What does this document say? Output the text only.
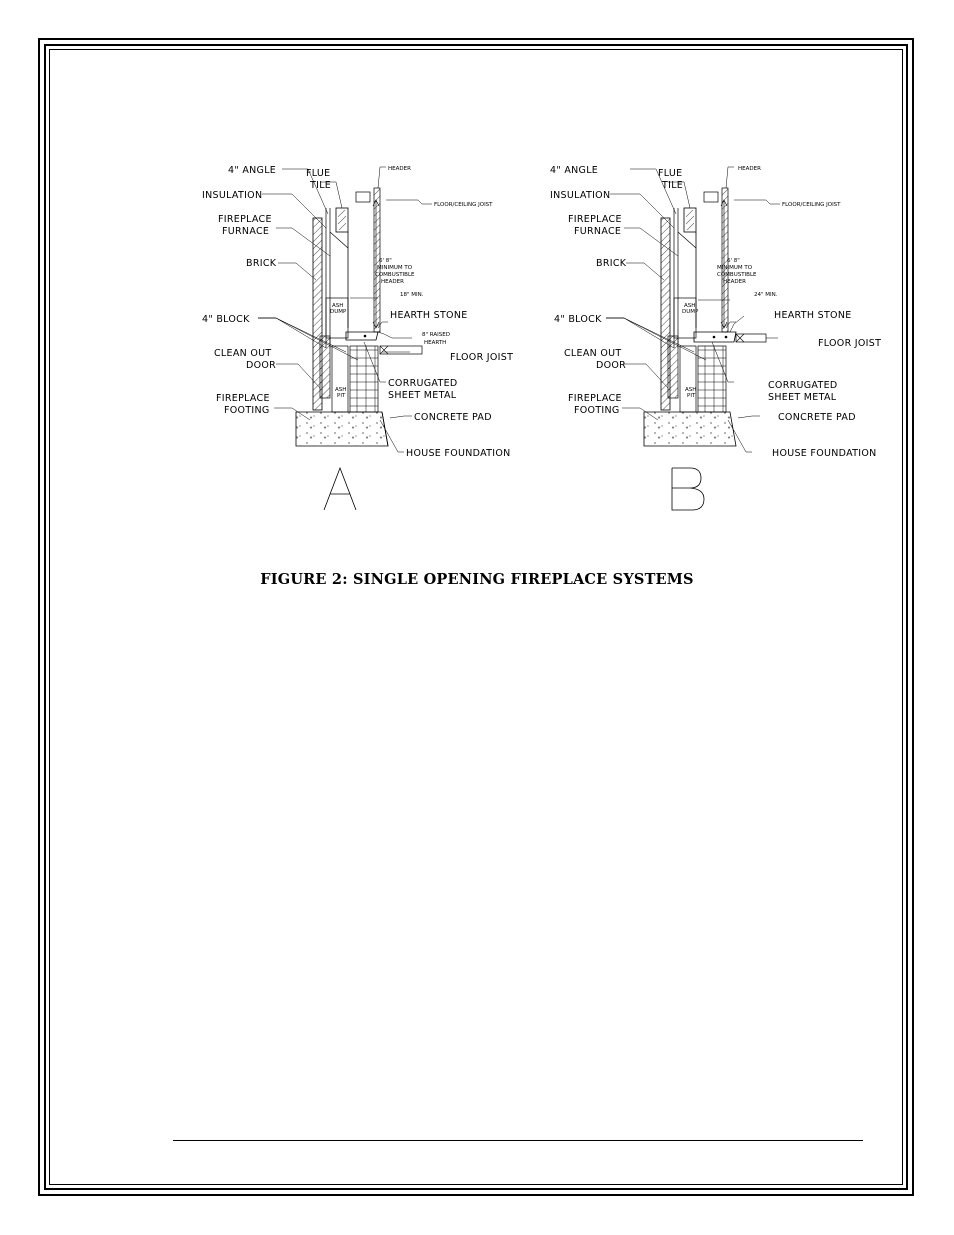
4" ANGLE
INSULATION
FIREPLACE
FURNACE
BRICK
4" BLOCK
CLEAN OUT
DOOR
FIREPLACE
FOOTING
FLUE
TILE
HEADER
FLOOR/CEILING JOIST
6' 8"
MINIMUM TO
COMBUSTIBLE
HEADER
18" MIN.
HEARTH STONE
8" RAISED
HEARTH
FLOOR JOIST
CORRUGATED
SHEET METAL
CONCRETE PAD
HOUSE FOUNDATION
ASH
DUMP
ASH
PIT
4" ANGLE
INSULATION
FIREPLACE
FURNACE
BRICK
4" BLOCK
CLEAN OUT
DOOR
FIREPLACE
FOOTING
FLUE
TILE
HEADER
FLOOR/CEILING JOIST
6' 8"
MINIMUM TO
COMBUSTIBLE
HEADER
24" MIN.
HEARTH STONE
FLOOR JOIST
CORRUGATED
SHEET METAL
CONCRETE PAD
HOUSE FOUNDATION
ASH
DUMP
ASH
PIT
FIGURE 2: SINGLE OPENING FIREPLACE SYSTEMS
